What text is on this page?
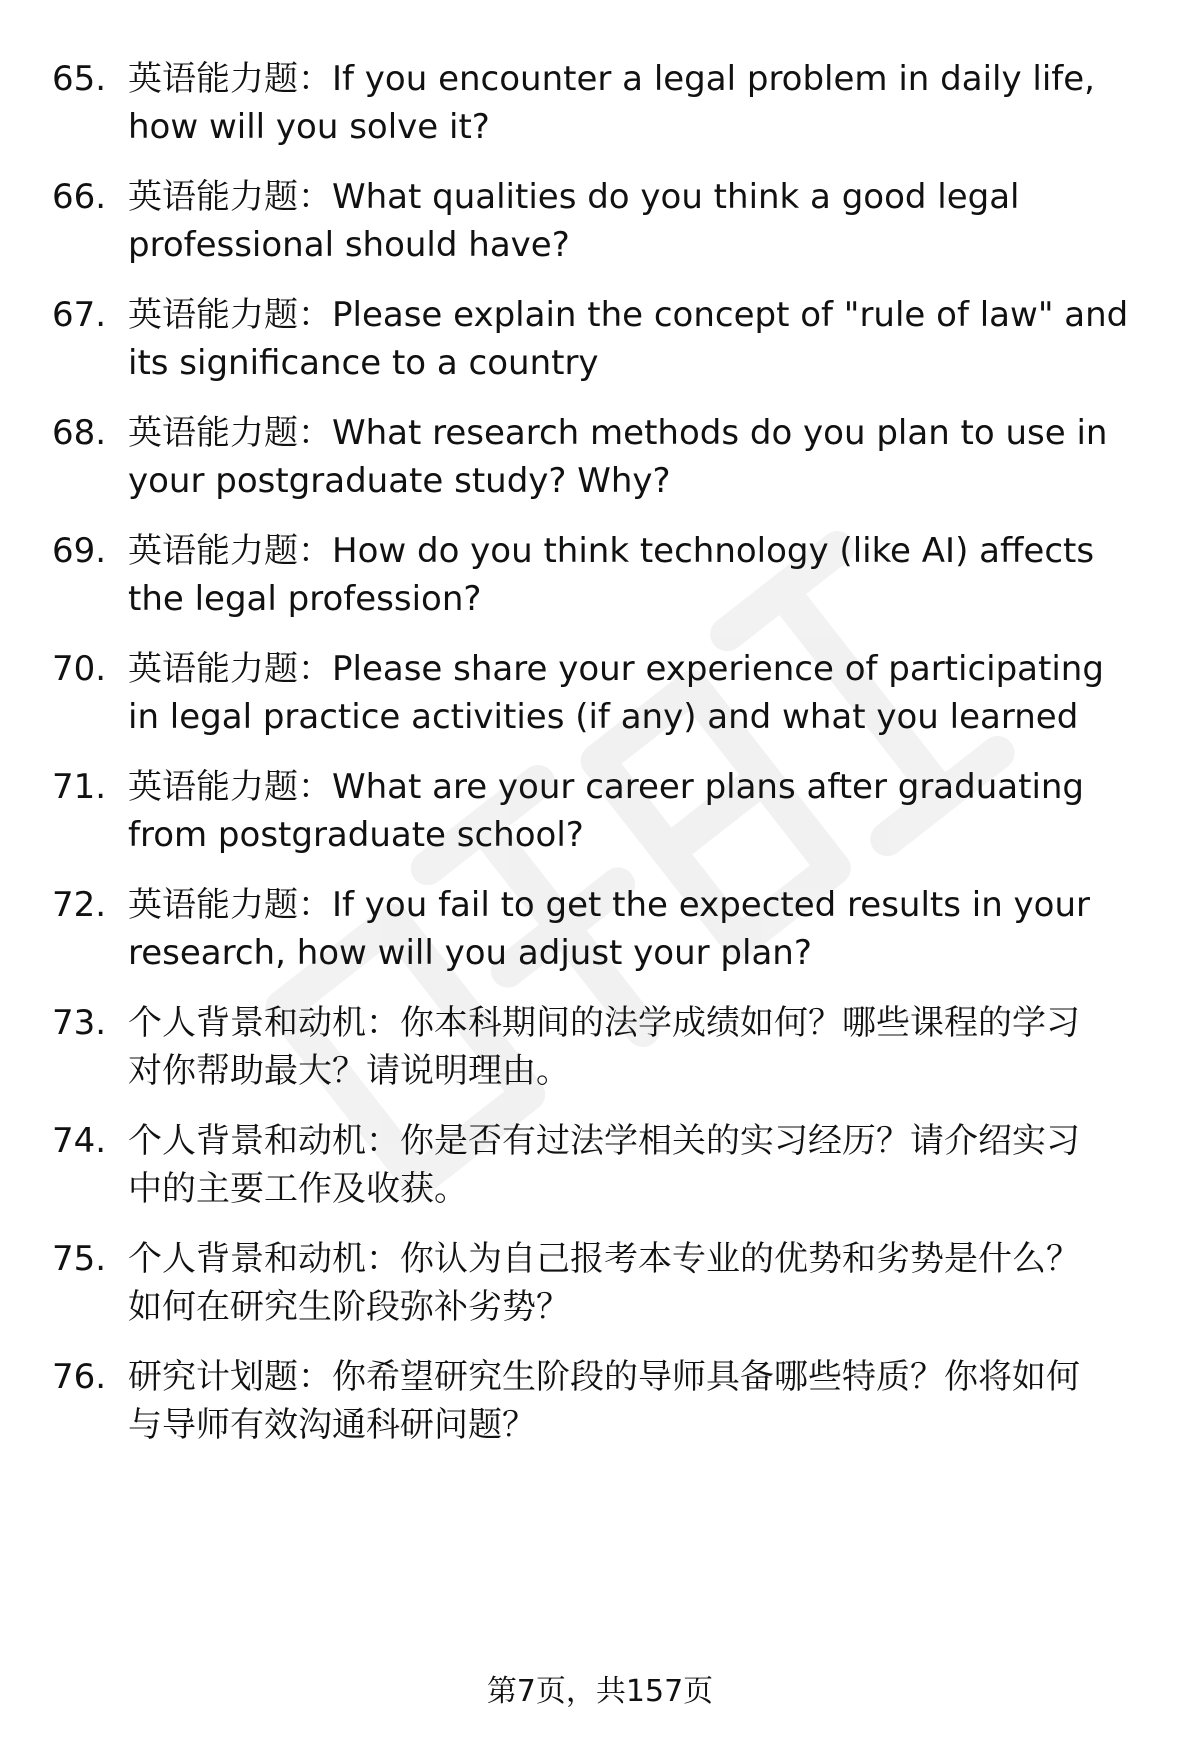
65. 英语能力题：If you encounter a legal problem in daily life,
how will you solve it?
66. 英语能力题：What qualities do you think a good legal
professional should have?
67. 英语能力题：Please explain the concept of "rule of law" and
its significance to a country
68. 英语能力题：What research methods do you plan to use in
your postgraduate study? Why?
69. 英语能力题：How do you think technology (like AI) affects
the legal profession?
70. 英语能力题：Please share your experience of participating
in legal practice activities (if any) and what you learned
71. 英语能力题：What are your career plans after graduating
from postgraduate school?
72. 英语能力题：If you fail to get the expected results in your
research, how will you adjust your plan?
73. 个人背景和动机：你本科期间的法学成绩如何？哪些课程的学习
对你帮助最大？请说明理由。
74. 个人背景和动机：你是否有过法学相关的实习经历？请介绍实习
中的主要工作及收获。
75. 个人背景和动机：你认为自己报考本专业的优势和劣势是什么？
如何在研究生阶段弥补劣势？
76. 研究计划题：你希望研究生阶段的导师具备哪些特质？你将如何
与导师有效沟通科研问题？
第7页，共157页
